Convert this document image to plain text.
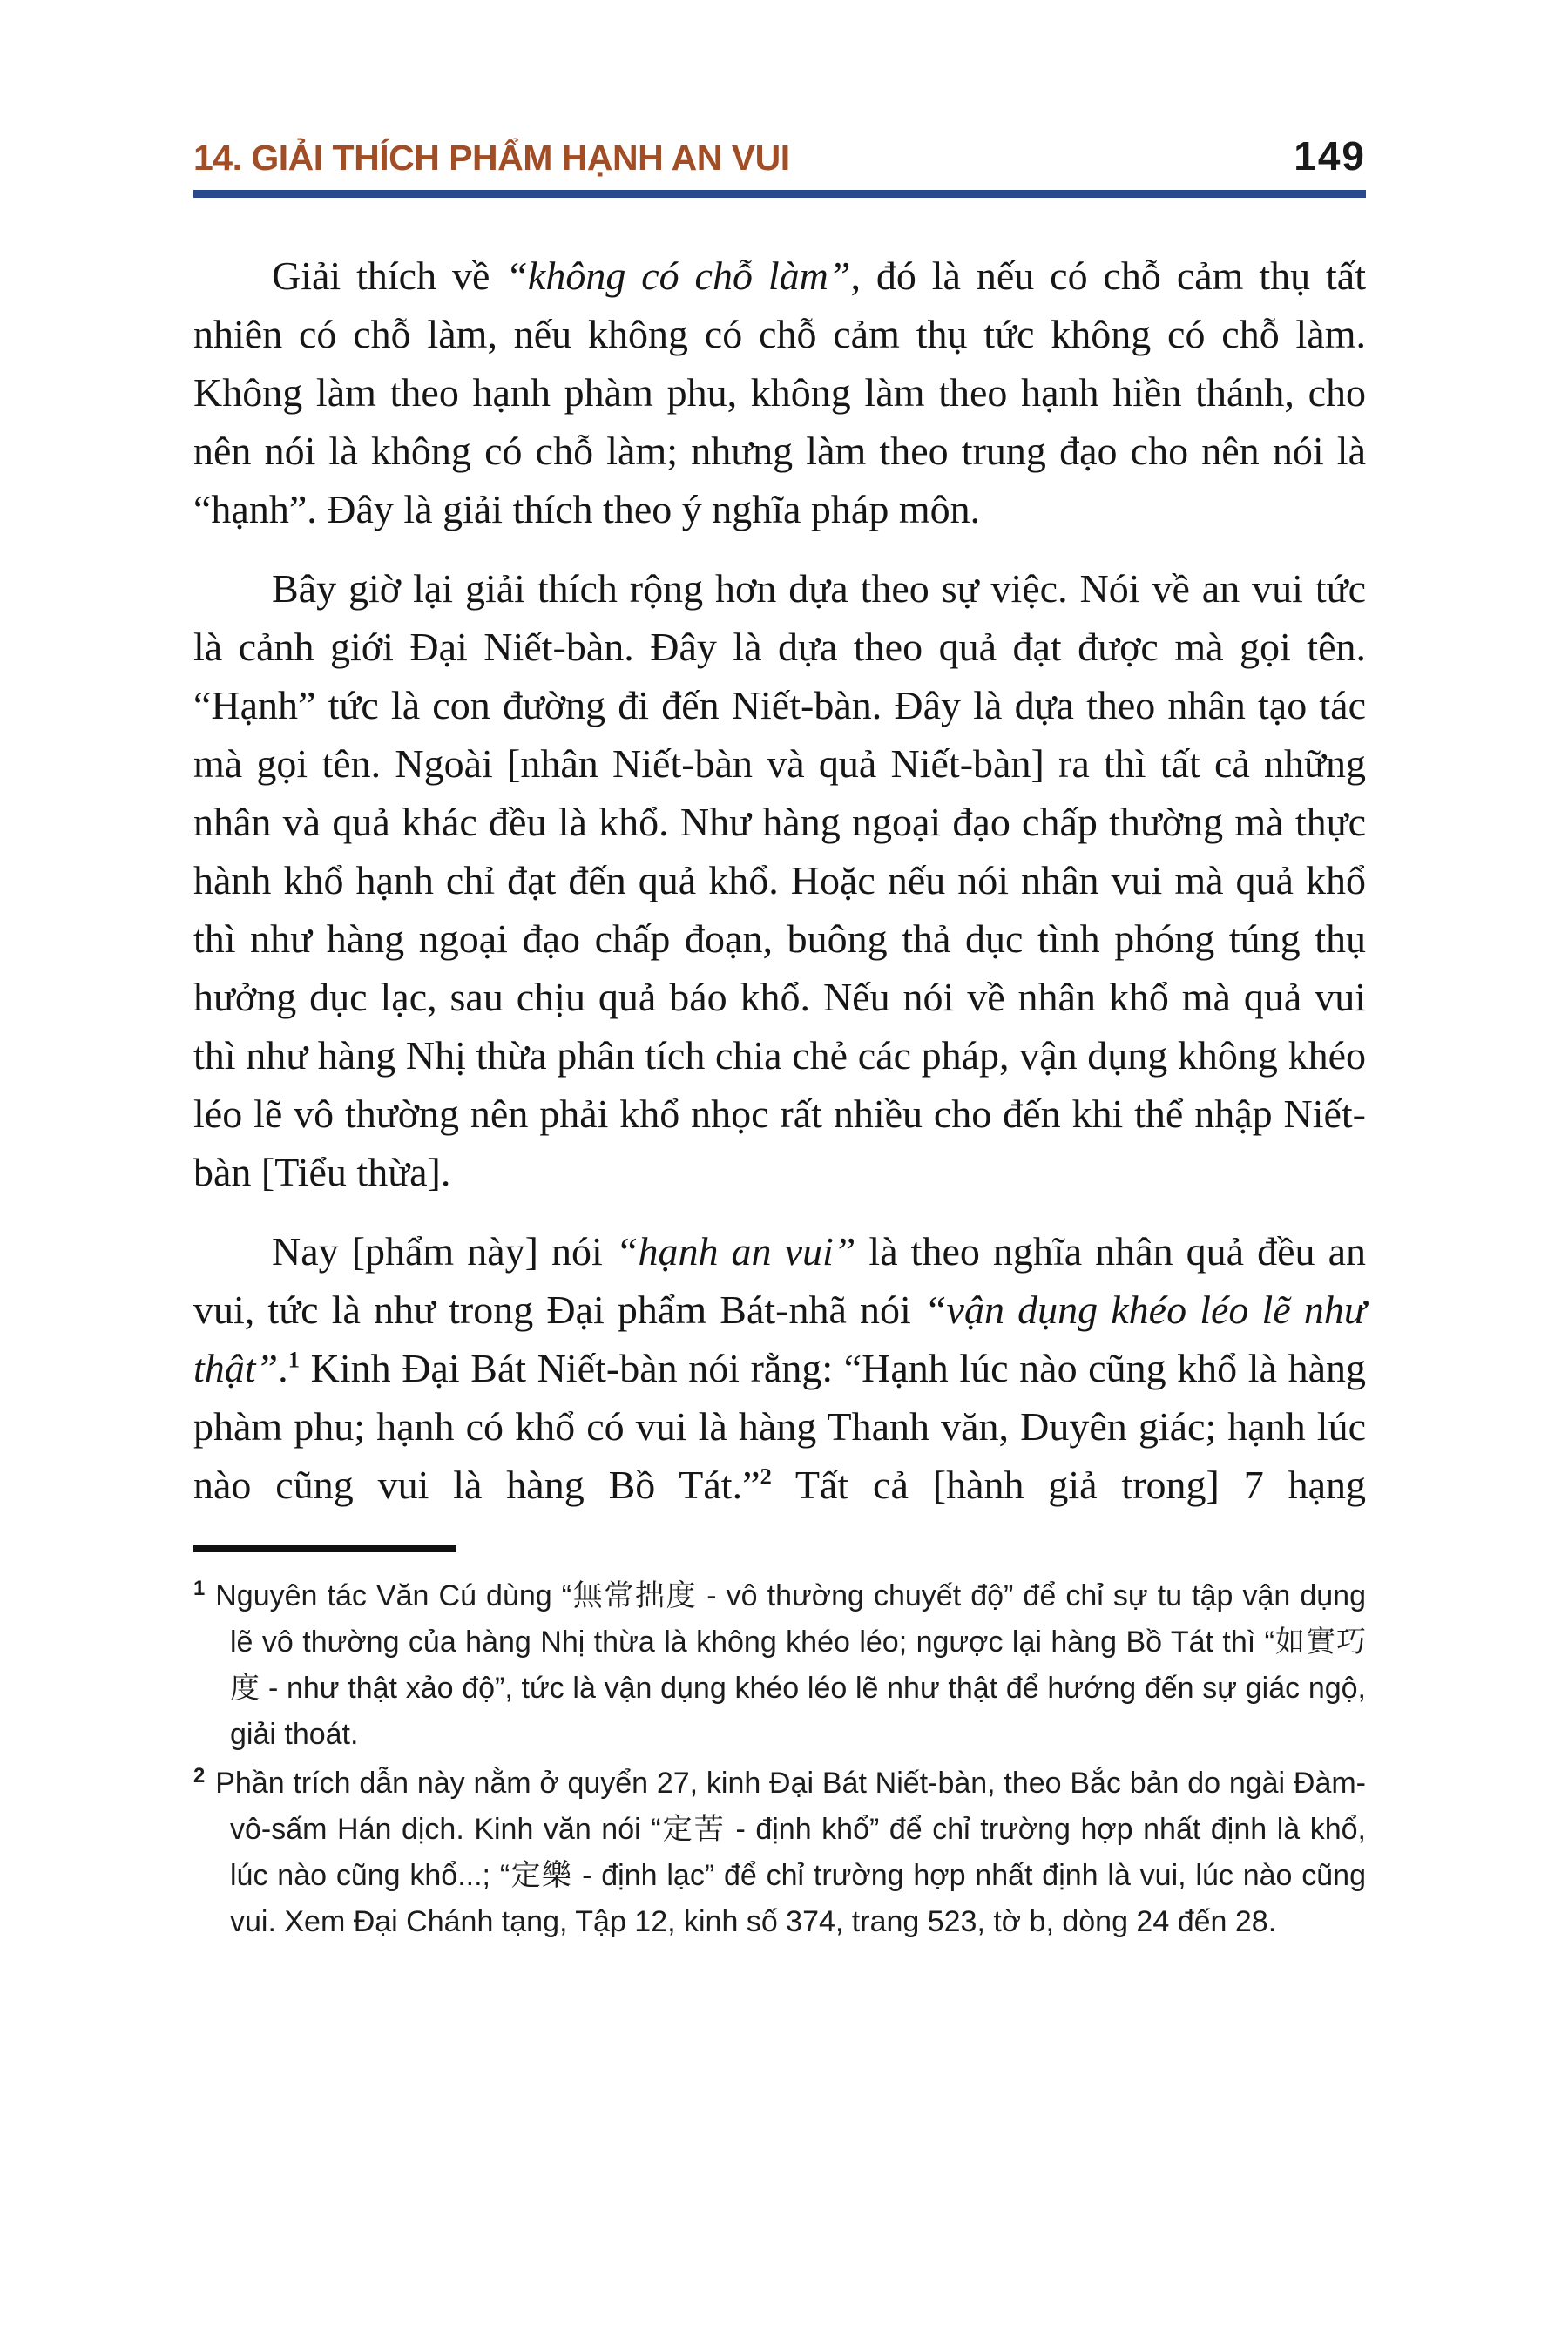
14. GIẢI THÍCH PHẨM HẠNH AN VUI	149

Giải thích về “không có chỗ làm”, đó là nếu có chỗ cảm thụ tất nhiên có chỗ làm, nếu không có chỗ cảm thụ tức không có chỗ làm. Không làm theo hạnh phàm phu, không làm theo hạnh hiền thánh, cho nên nói là không có chỗ làm; nhưng làm theo trung đạo cho nên nói là “hạnh”. Đây là giải thích theo ý nghĩa pháp môn.

Bây giờ lại giải thích rộng hơn dựa theo sự việc. Nói về an vui tức là cảnh giới Đại Niết-bàn. Đây là dựa theo quả đạt được mà gọi tên. “Hạnh” tức là con đường đi đến Niết-bàn. Đây là dựa theo nhân tạo tác mà gọi tên. Ngoài [nhân Niết-bàn và quả Niết-bàn] ra thì tất cả những nhân và quả khác đều là khổ. Như hàng ngoại đạo chấp thường mà thực hành khổ hạnh chỉ đạt đến quả khổ. Hoặc nếu nói nhân vui mà quả khổ thì như hàng ngoại đạo chấp đoạn, buông thả dục tình phóng túng thụ hưởng dục lạc, sau chịu quả báo khổ. Nếu nói về nhân khổ mà quả vui thì như hàng Nhị thừa phân tích chia chẻ các pháp, vận dụng không khéo léo lẽ vô thường nên phải khổ nhọc rất nhiều cho đến khi thể nhập Niết-bàn [Tiểu thừa].

Nay [phẩm này] nói “hạnh an vui” là theo nghĩa nhân quả đều an vui, tức là như trong Đại phẩm Bát-nhã nói “vận dụng khéo léo lẽ như thật”.$^1$ Kinh Đại Bát Niết-bàn nói rằng: “Hạnh lúc nào cũng khổ là hàng phàm phu; hạnh có khổ có vui là hàng Thanh văn, Duyên giác; hạnh lúc nào cũng vui là hàng Bồ Tát.”$^2$ Tất cả [hành giả trong] 7 hạng

$^1$ Nguyên tác Văn Cú dùng “無常拙度 - vô thường chuyết độ” để chỉ sự tu tập vận dụng lẽ vô thường của hàng Nhị thừa là không khéo léo; ngược lại hàng Bồ Tát thì “如實巧度 - như thật xảo độ”, tức là vận dụng khéo léo lẽ như thật để hướng đến sự giác ngộ, giải thoát.

$^2$ Phần trích dẫn này nằm ở quyển 27, kinh Đại Bát Niết-bàn, theo Bắc bản do ngài Đàm-vô-sấm Hán dịch. Kinh văn nói “定苦 - định khổ” để chỉ trường hợp nhất định là khổ, lúc nào cũng khổ...; “定樂 - định lạc” để chỉ trường hợp nhất định là vui, lúc nào cũng vui. Xem Đại Chánh tạng, Tập 12, kinh số 374, trang 523, tờ b, dòng 24 đến 28.
